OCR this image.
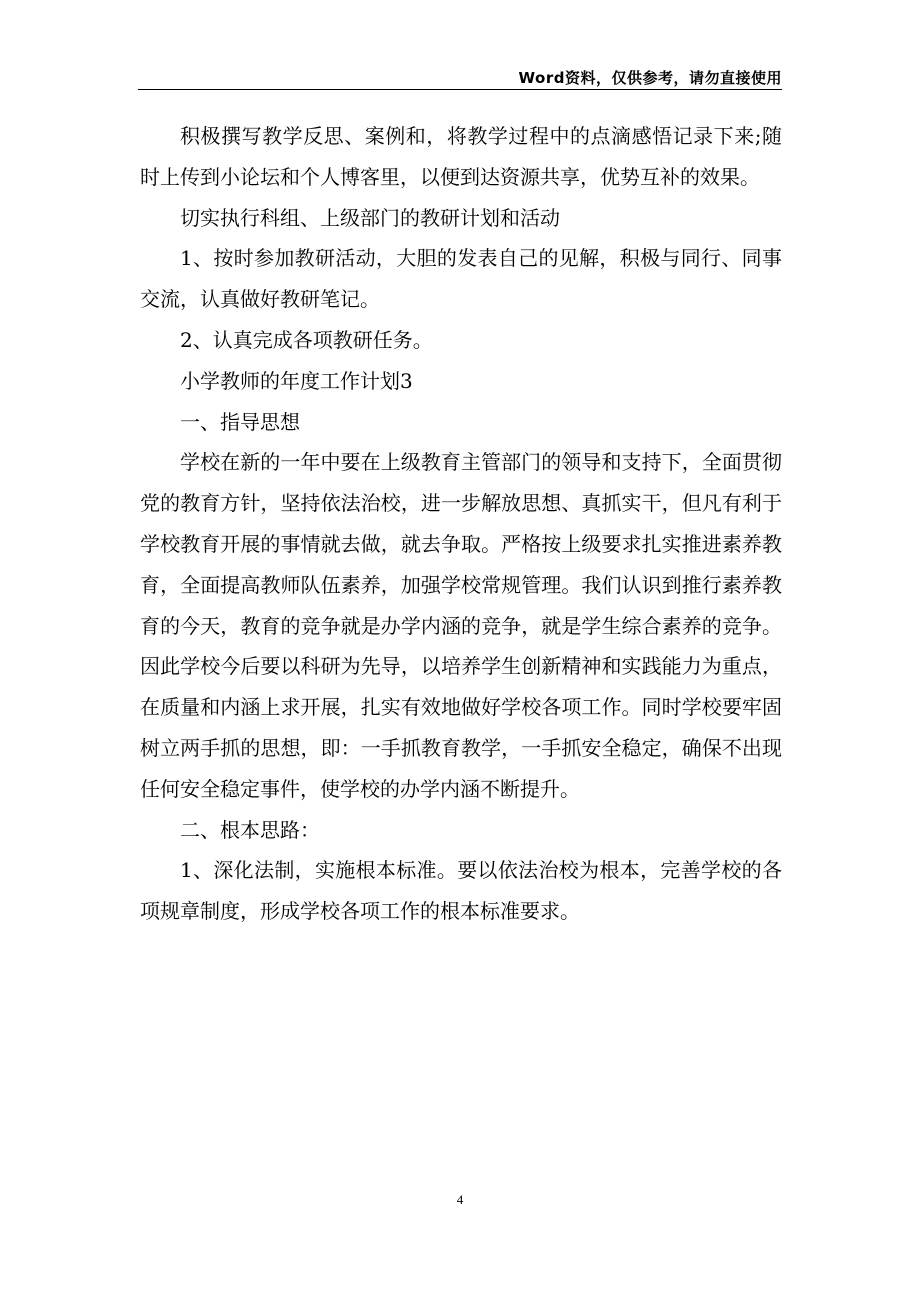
Word资料，仅供参考，请勿直接使用

积极撰写教学反思、案例和，将教学过程中的点滴感悟记录下来;随时上传到小论坛和个人博客里，以便到达资源共享，优势互补的效果。

切实执行科组、上级部门的教研计划和活动

1、按时参加教研活动，大胆的发表自己的见解，积极与同行、同事交流，认真做好教研笔记。

2、认真完成各项教研任务。

小学教师的年度工作计划3

一、指导思想

学校在新的一年中要在上级教育主管部门的领导和支持下，全面贯彻党的教育方针，坚持依法治校，进一步解放思想、真抓实干，但凡有利于学校教育开展的事情就去做，就去争取。严格按上级要求扎实推进素养教育，全面提高教师队伍素养，加强学校常规管理。我们认识到推行素养教育的今天，教育的竞争就是办学内涵的竞争，就是学生综合素养的竞争。因此学校今后要以科研为先导，以培养学生创新精神和实践能力为重点，在质量和内涵上求开展，扎实有效地做好学校各项工作。同时学校要牢固树立两手抓的思想，即：一手抓教育教学，一手抓安全稳定，确保不出现任何安全稳定事件，使学校的办学内涵不断提升。

二、根本思路：

1、深化法制，实施根本标准。要以依法治校为根本，完善学校的各项规章制度，形成学校各项工作的根本标准要求。

4
